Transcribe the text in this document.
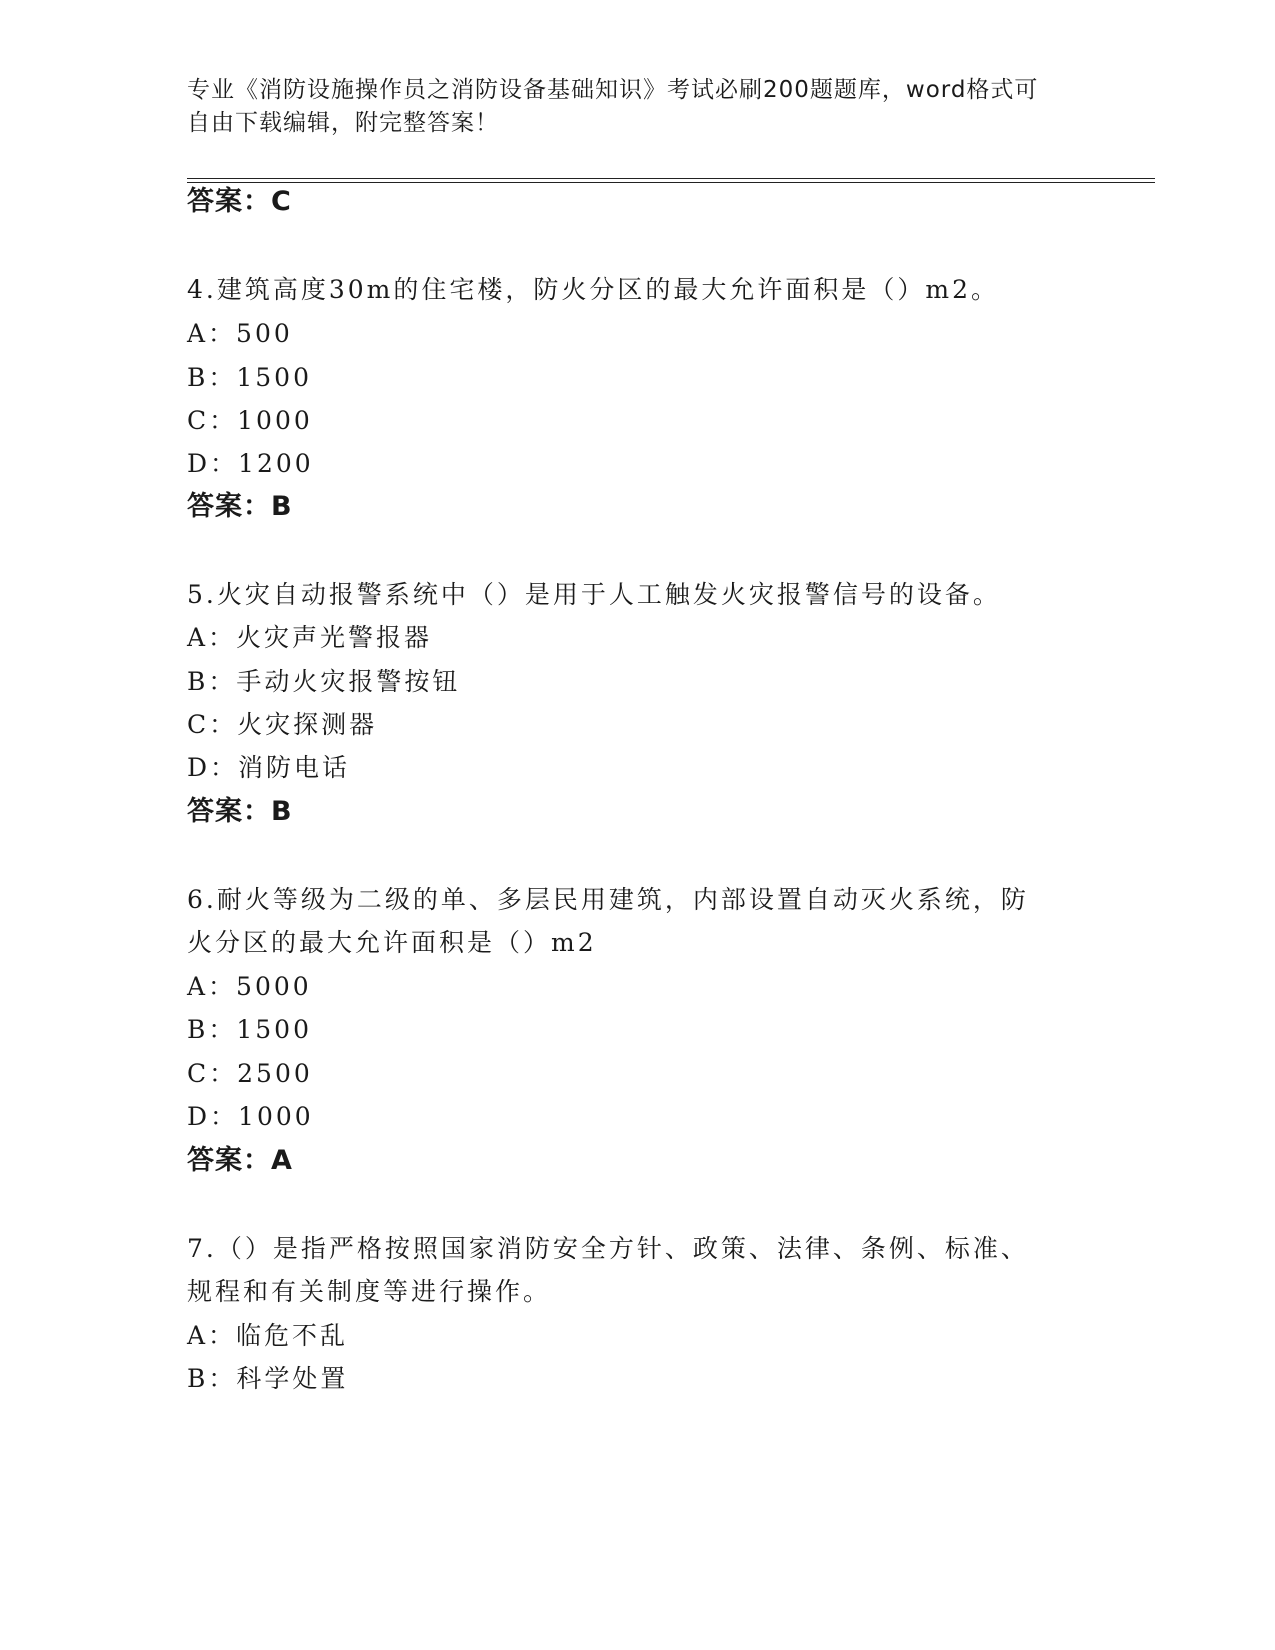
专业《消防设施操作员之消防设备基础知识》考试必刷200题题库，word格式可
自由下载编辑，附完整答案！
答案：C
4.建筑高度30m的住宅楼，防火分区的最大允许面积是（）m2。
A：500
B：1500
C：1000
D：1200
答案：B
5.火灾自动报警系统中（）是用于人工触发火灾报警信号的设备。
A：火灾声光警报器
B：手动火灾报警按钮
C：火灾探测器
D：消防电话
答案：B
6.耐火等级为二级的单、多层民用建筑，内部设置自动灭火系统，防
火分区的最大允许面积是（）m2
A：5000
B：1500
C：2500
D：1000
答案：A
7.（）是指严格按照国家消防安全方针、政策、法律、条例、标准、
规程和有关制度等进行操作。
A：临危不乱
B：科学处置
